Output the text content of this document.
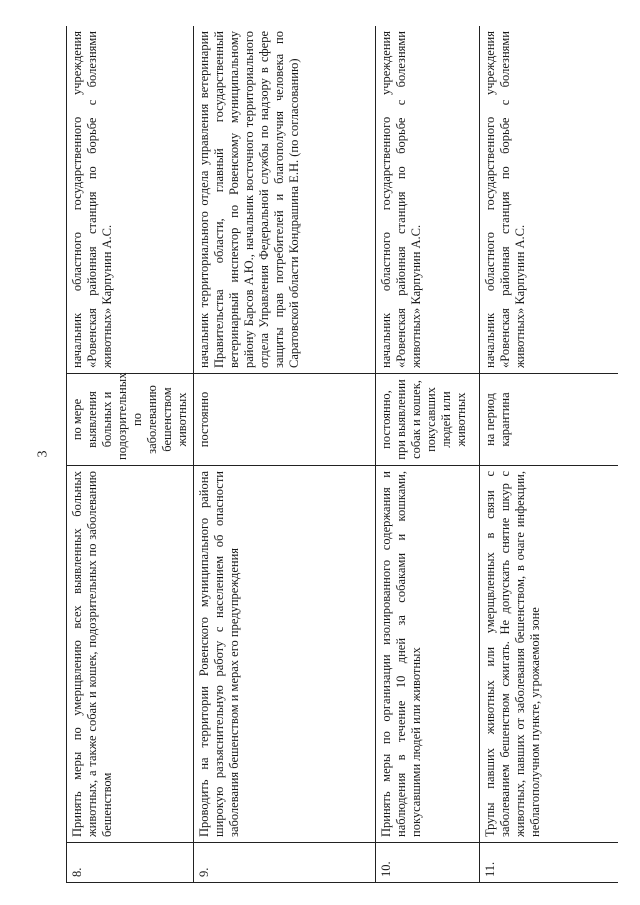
3
8.	Принять меры по умерщвлению всех выявленных больных животных, а также собак и кошек, подозрительных по заболеванию бешенством	по мере выявления больных и подозрительных по заболеванию бешенством животных	начальник областного государственного учреждения «Ровенская районная станция по борьбе с болезнями животных» Карпунин А.С.
9.	Проводить на территории Ровенского муниципального района широкую разъяснительную работу с населением об опасности заболевания бешенством и мерах его предупреждения	постоянно	начальник территориального отдела управления ветеринарии Правительства области, главный государственный ветеринарный инспектор по Ровенскому муниципальному району Барсов А.Ю., начальник восточного территориального отдела Управления Федеральной службы по надзору в сфере защиты прав потребителей и благополучия человека по Саратовской области Кондрашина Е.Н. (по согласованию)
10.	Принять меры по организации изолированного содержания и наблюдения в течение 10 дней за собаками и кошками, покусавшими людей или животных	постоянно, при выявлении собак и кошек, покусавших людей или животных	начальник областного государственного учреждения «Ровенская районная станция по борьбе с болезнями животных» Карпунин А.С.
11.	Трупы павших животных или умерщвленных в связи с заболеванием бешенством сжигать. Не допускать снятие шкур с животных, павших от заболевания бешенством, в очаге инфекции, неблагополучном пункте, угрожаемой зоне	на период карантина	начальник областного государственного учреждения «Ровенская районная станция по борьбе с болезнями животных» Карпунин А.С.
